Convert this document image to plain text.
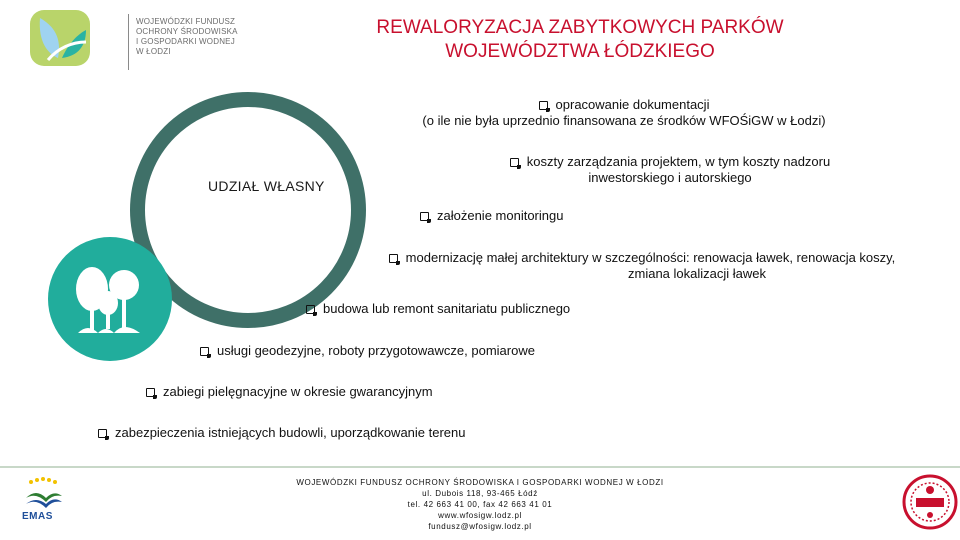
WOJEWÓDZKI FUNDUSZ
OCHRONY ŚRODOWISKA
I GOSPODARKI WODNEJ
W ŁODZI
REWALORYZACJA ZABYTKOWYCH PARKÓW
WOJEWÓDZTWA ŁÓDZKIEGO
UDZIAŁ WŁASNY
opracowanie dokumentacji
(o ile nie była uprzednio finansowana ze środków WFOŚiGW w Łodzi)
koszty zarządzania projektem, w tym koszty nadzoru
inwestorskiego i autorskiego
założenie monitoringu
modernizację małej architektury w szczególności: renowacja ławek, renowacja koszy,
zmiana lokalizacji ławek
budowa lub remont sanitariatu publicznego
usługi geodezyjne, roboty przygotowawcze, pomiarowe
zabiegi pielęgnacyjne w okresie gwarancyjnym
zabezpieczenia istniejących budowli, uporządkowanie terenu
EMAS
WOJEWÓDZKI FUNDUSZ OCHRONY ŚRODOWISKA I GOSPODARKI WODNEJ W ŁODZI
ul. Dubois 118, 93-465 Łódź
tel. 42 663 41 00, fax 42 663 41 01
www.wfosigw.lodz.pl
fundusz@wfosigw.lodz.pl
